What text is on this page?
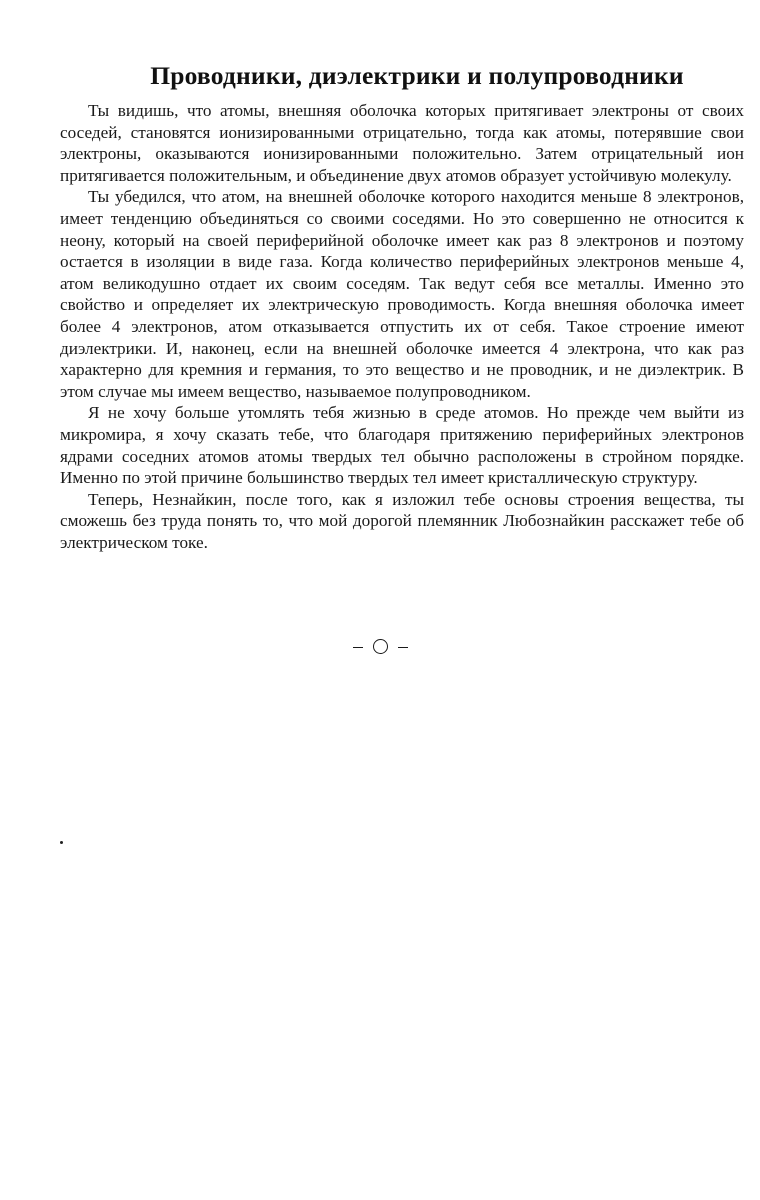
Проводники, диэлектрики и полупроводники

Ты видишь, что атомы, внешняя оболочка которых притягивает электроны от своих соседей, становятся ионизированными отрицательно, тогда как атомы, потерявшие свои электроны, оказываются ионизированными положительно. Затем отрицательный ион притягивается положительным, и объединение двух атомов образует устойчивую молекулу.

Ты убедился, что атом, на внешней оболочке которого находится меньше 8 электронов, имеет тенденцию объединяться со своими соседями. Но это совершенно не относится к неону, который на своей периферийной оболочке имеет как раз 8 электронов и поэтому остается в изоляции в виде газа. Когда количество периферийных электронов меньше 4, атом великодушно отдает их своим соседям. Так ведут себя все металлы. Именно это свойство и определяет их электрическую проводимость. Когда внешняя оболочка имеет более 4 электронов, атом отказывается отпустить их от себя. Такое строение имеют диэлектрики. И, наконец, если на внешней оболочке имеется 4 электрона, что как раз характерно для кремния и германия, то это вещество и не проводник, и не диэлектрик. В этом случае мы имеем вещество, называемое полупроводником.

Я не хочу больше утомлять тебя жизнью в среде атомов. Но прежде чем выйти из микромира, я хочу сказать тебе, что благодаря притяжению периферийных электронов ядрами соседних атомов атомы твердых тел обычно расположены в стройном порядке. Именно по этой причине большинство твердых тел имеет кристаллическую структуру.

Теперь, Незнайкин, после того, как я изложил тебе основы строения вещества, ты сможешь без труда понять то, что мой дорогой племянник Любознайкин расскажет тебе об электрическом токе.
